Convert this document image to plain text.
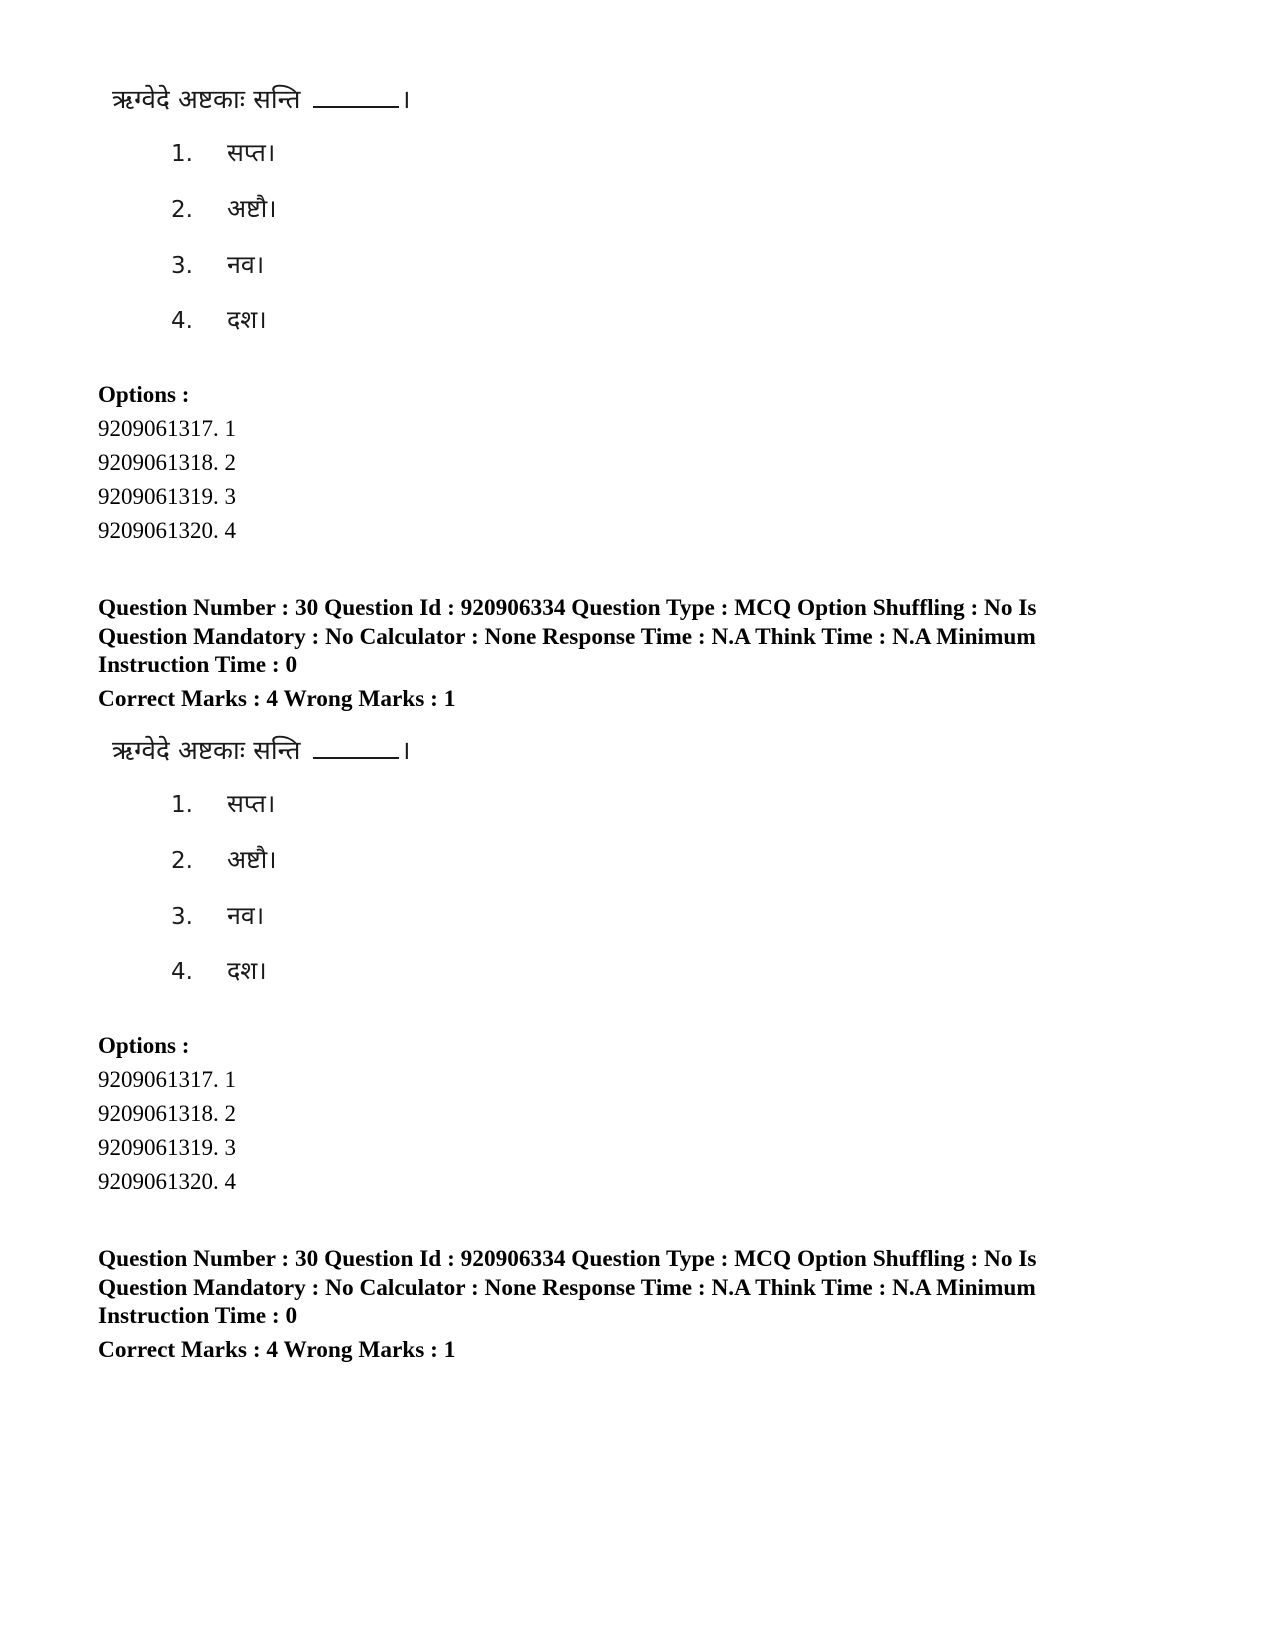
ऋग्वेदे अष्टकाः सन्ति	।
1. सप्त।
2. अष्टौ।
3. नव।
4. दश।
Options :
9209061317. 1
9209061318. 2
9209061319. 3
9209061320. 4
Question Number : 30 Question Id : 920906334 Question Type : MCQ Option Shuffling : No Is
Question Mandatory : No Calculator : None Response Time : N.A Think Time : N.A Minimum
Instruction Time : 0
Correct Marks : 4 Wrong Marks : 1
ऋग्वेदे अष्टकाः सन्ति	।
1. सप्त।
2. अष्टौ।
3. नव।
4. दश।
Options :
9209061317. 1
9209061318. 2
9209061319. 3
9209061320. 4
Question Number : 30 Question Id : 920906334 Question Type : MCQ Option Shuffling : No Is
Question Mandatory : No Calculator : None Response Time : N.A Think Time : N.A Minimum
Instruction Time : 0
Correct Marks : 4 Wrong Marks : 1
